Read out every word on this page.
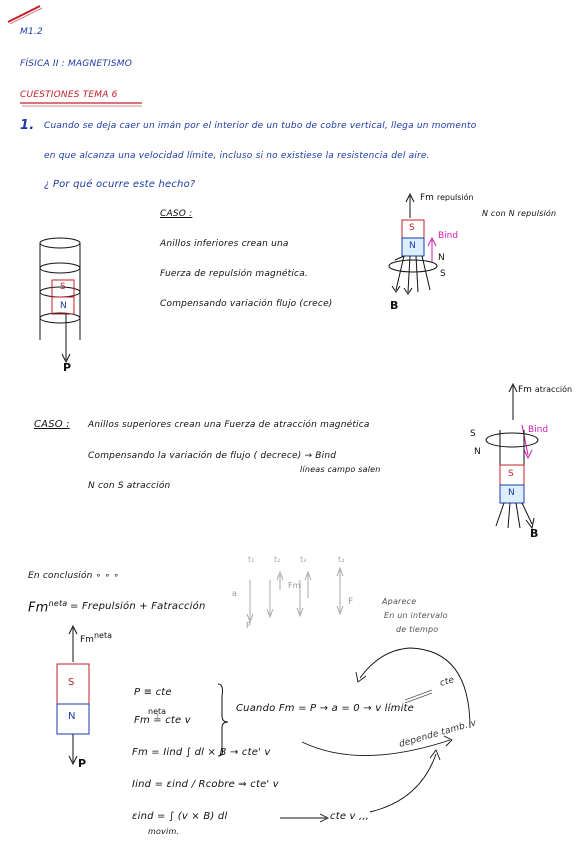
M1.2
FÍSICA II : MAGNETISMO
CUESTIONES TEMA 6
1. Cuando se deja caer un imán por el interior de un tubo de cobre vertical, llega un momento
en que alcanza una velocidad límite, incluso si no existiese la resistencia del aire.
¿ Por qué ocurre este hecho?
CASO :
Anillos inferiores crean una
Fuerza de repulsión magnética.
Compensando variación flujo (crece)
S
N
P
Fm repulsión
S
N
Bind
N
S
B
N con N repulsión
CASO : Anillos superiores crean una Fuerza de atracción magnética
Compensando la variación de flujo ( decrece) → Bind
líneas campo salen
N con S atracción
Fm atracción
Bind
S
N
S
N
B
En conclusión ∘ ∘ ∘
$Fm^{neta}$ = Frepulsión + Fatracción
t₁ t₂ t₃	t₄
a
P
Fm
F	Aparece
En un intervalo
de tiempo
$Fm^{neta}$
S
N
P
P ≡ cte
Fm ≟ cte v
neta	Cuando Fm = P → a = 0 → v límite
Fm = Iind ∫ dl × B → cte' v
Iind = εind / Rcobre ⇒ cte' v
εind = ∫ (v × B) dl
movim.
cte v ,,,
depende tamb. v
cte
